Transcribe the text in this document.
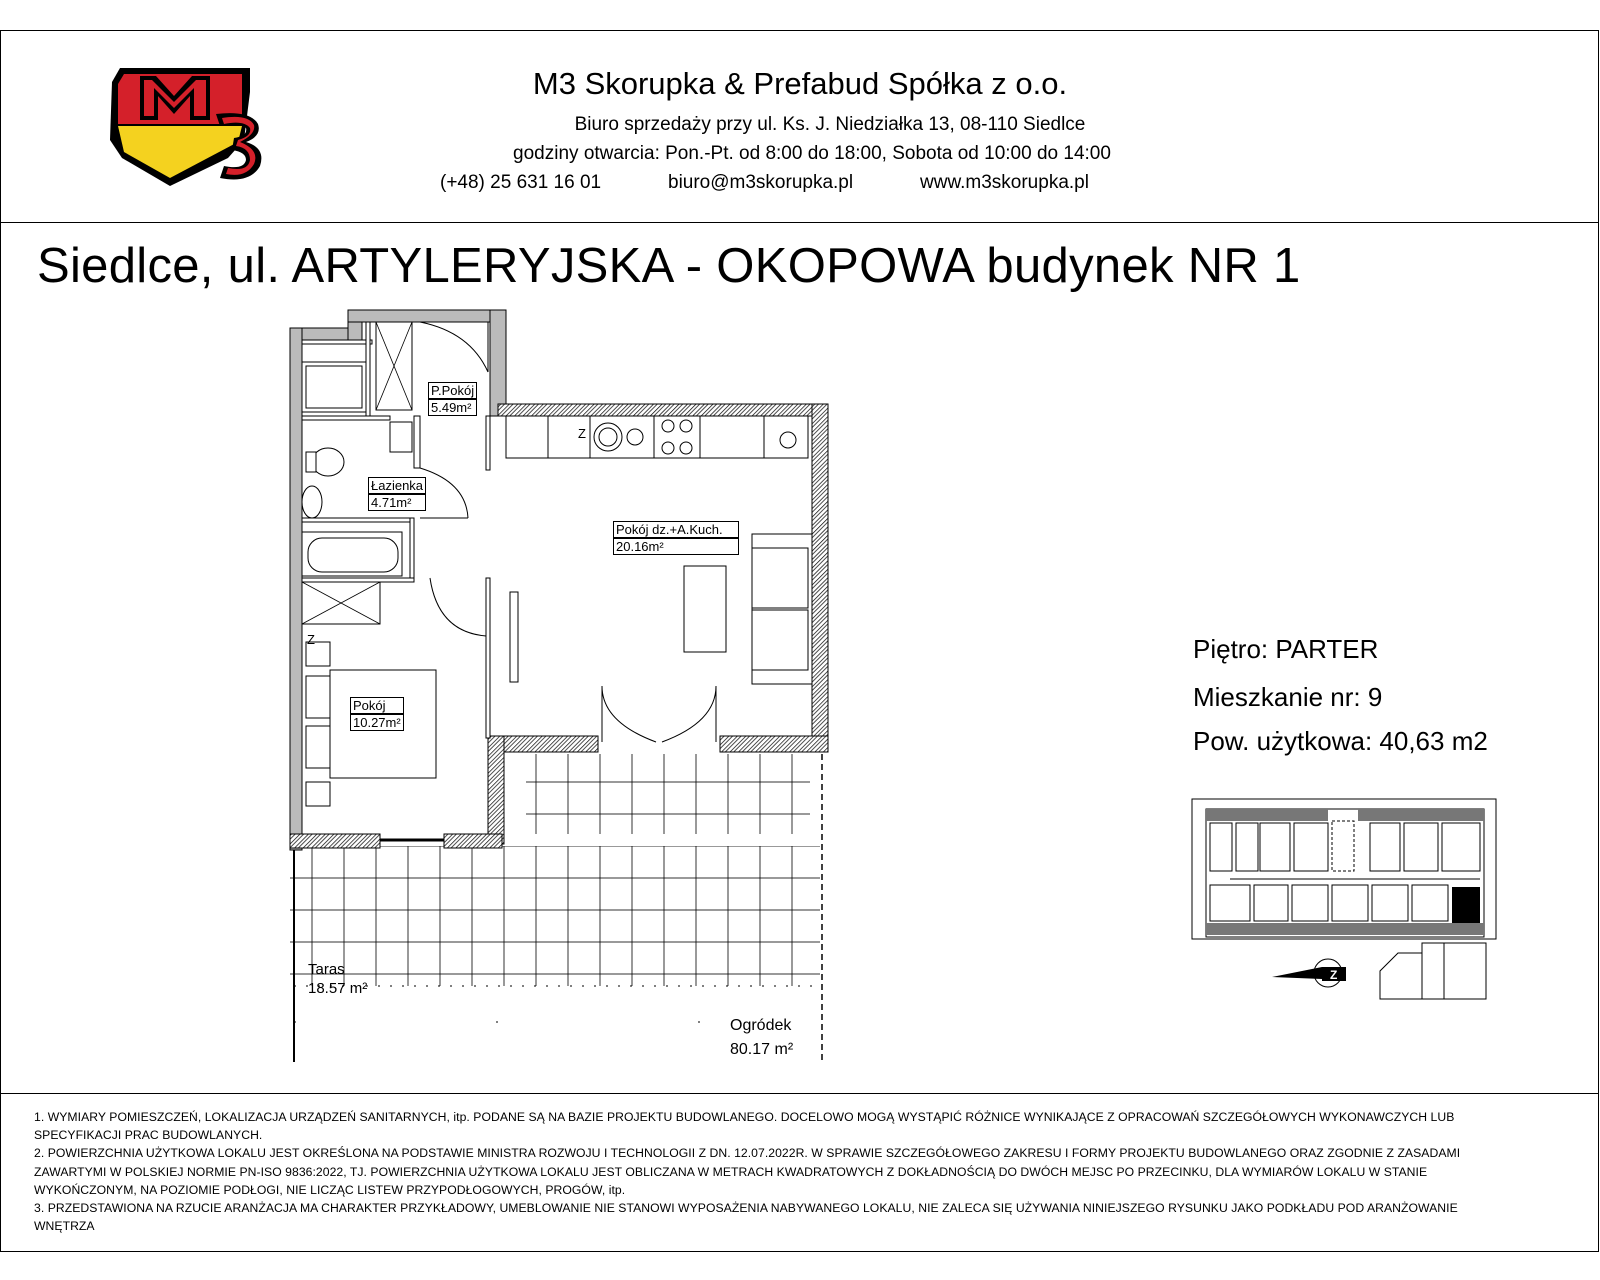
M3 Skorupka & Prefabud Spółka z o.o.
Biuro sprzedaży przy ul. Ks. J. Niedziałka 13, 08-110 Siedlce
godziny otwarcia: Pon.-Pt. od 8:00 do 18:00, Sobota od 10:00 do 14:00
(+48) 25 631 16 01	biuro@m3skorupka.pl	www.m3skorupka.pl
Siedlce, ul. ARTYLERYJSKA - OKOPOWA budynek NR 1
Z
Z
P.Pokój
5.49m²
Łazienka
4.71m²
Pokój dz.+A.Kuch.
20.16m²
Pokój
10.27m²
Taras
18.57 m²
Ogródek
80.17 m²
Piętro: PARTER
Mieszkanie nr: 9
Pow. użytkowa: 40,63 m2
Z

1. WYMIARY POMIESZCZEŃ, LOKALIZACJA URZĄDZEŃ SANITARNYCH, itp. PODANE SĄ NA BAZIE PROJEKTU BUDOWLANEGO. DOCELOWO MOGĄ WYSTĄPIĆ RÓŻNICE WYNIKAJĄCE Z OPRACOWAŃ SZCZEGÓŁOWYCH WYKONAWCZYCH LUB SPECYFIKACJI PRAC BUDOWLANYCH.

2. POWIERZCHNIA UŻYTKOWA LOKALU JEST OKREŚLONA NA PODSTAWIE MINISTRA ROZWOJU I TECHNOLOGII Z DN. 12.07.2022R. W SPRAWIE SZCZEGÓŁOWEGO ZAKRESU I FORMY PROJEKTU BUDOWLANEGO ORAZ ZGODNIE Z ZASADAMI ZAWARTYMI W POLSKIEJ NORMIE PN-ISO 9836:2022, TJ. POWIERZCHNIA UŻYTKOWA LOKALU JEST OBLICZANA W METRACH KWADRATOWYCH Z DOKŁADNOŚCIĄ DO DWÓCH MEJSC PO PRZECINKU, DLA WYMIARÓW LOKALU W STANIE WYKOŃCZONYM, NA POZIOMIE PODŁOGI, NIE LICZĄC LISTEW PRZYPODŁOGOWYCH, PROGÓW, itp.

3. PRZEDSTAWIONA NA RZUCIE ARANŻACJA MA CHARAKTER PRZYKŁADOWY, UMEBLOWANIE NIE STANOWI WYPOSAŻENIA NABYWANEGO LOKALU, NIE ZALECA SIĘ UŻYWANIA NINIEJSZEGO RYSUNKU JAKO PODKŁADU POD ARANŻOWANIE WNĘTRZA
